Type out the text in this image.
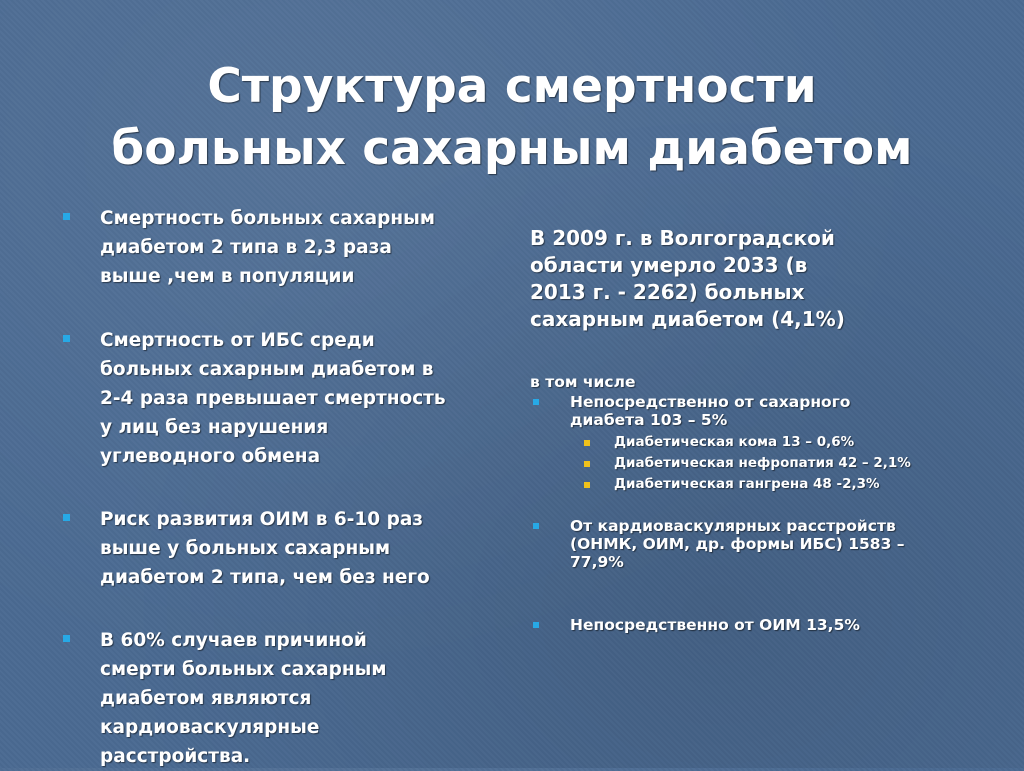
Структура смертности
больных сахарным диабетом
Смертность больных сахарным
диабетом 2 типа в 2,3 раза
выше ,чем в популяции
Смертность от ИБС среди
больных сахарным диабетом в
2-4 раза превышает смертность
у лиц без нарушения
углеводного обмена
Риск развития ОИМ в 6-10 раз
выше у больных сахарным
диабетом 2 типа, чем без него
В 60% случаев причиной
смерти больных сахарным
диабетом являются
кардиоваскулярные
расстройства.
В 2009 г. в Волгоградской
области умерло 2033 (в
2013 г. - 2262) больных
сахарным диабетом (4,1%)
в том числе
Непосредственно от сахарного
диабета 103 – 5%
Диабетическая кома 13 – 0,6%
Диабетическая нефропатия 42 – 2,1%
Диабетическая гангрена 48 -2,3%
От кардиоваскулярных расстройств
(ОНМК, ОИМ, др. формы ИБС) 1583 –
77,9%
Непосредственно от ОИМ 13,5%
